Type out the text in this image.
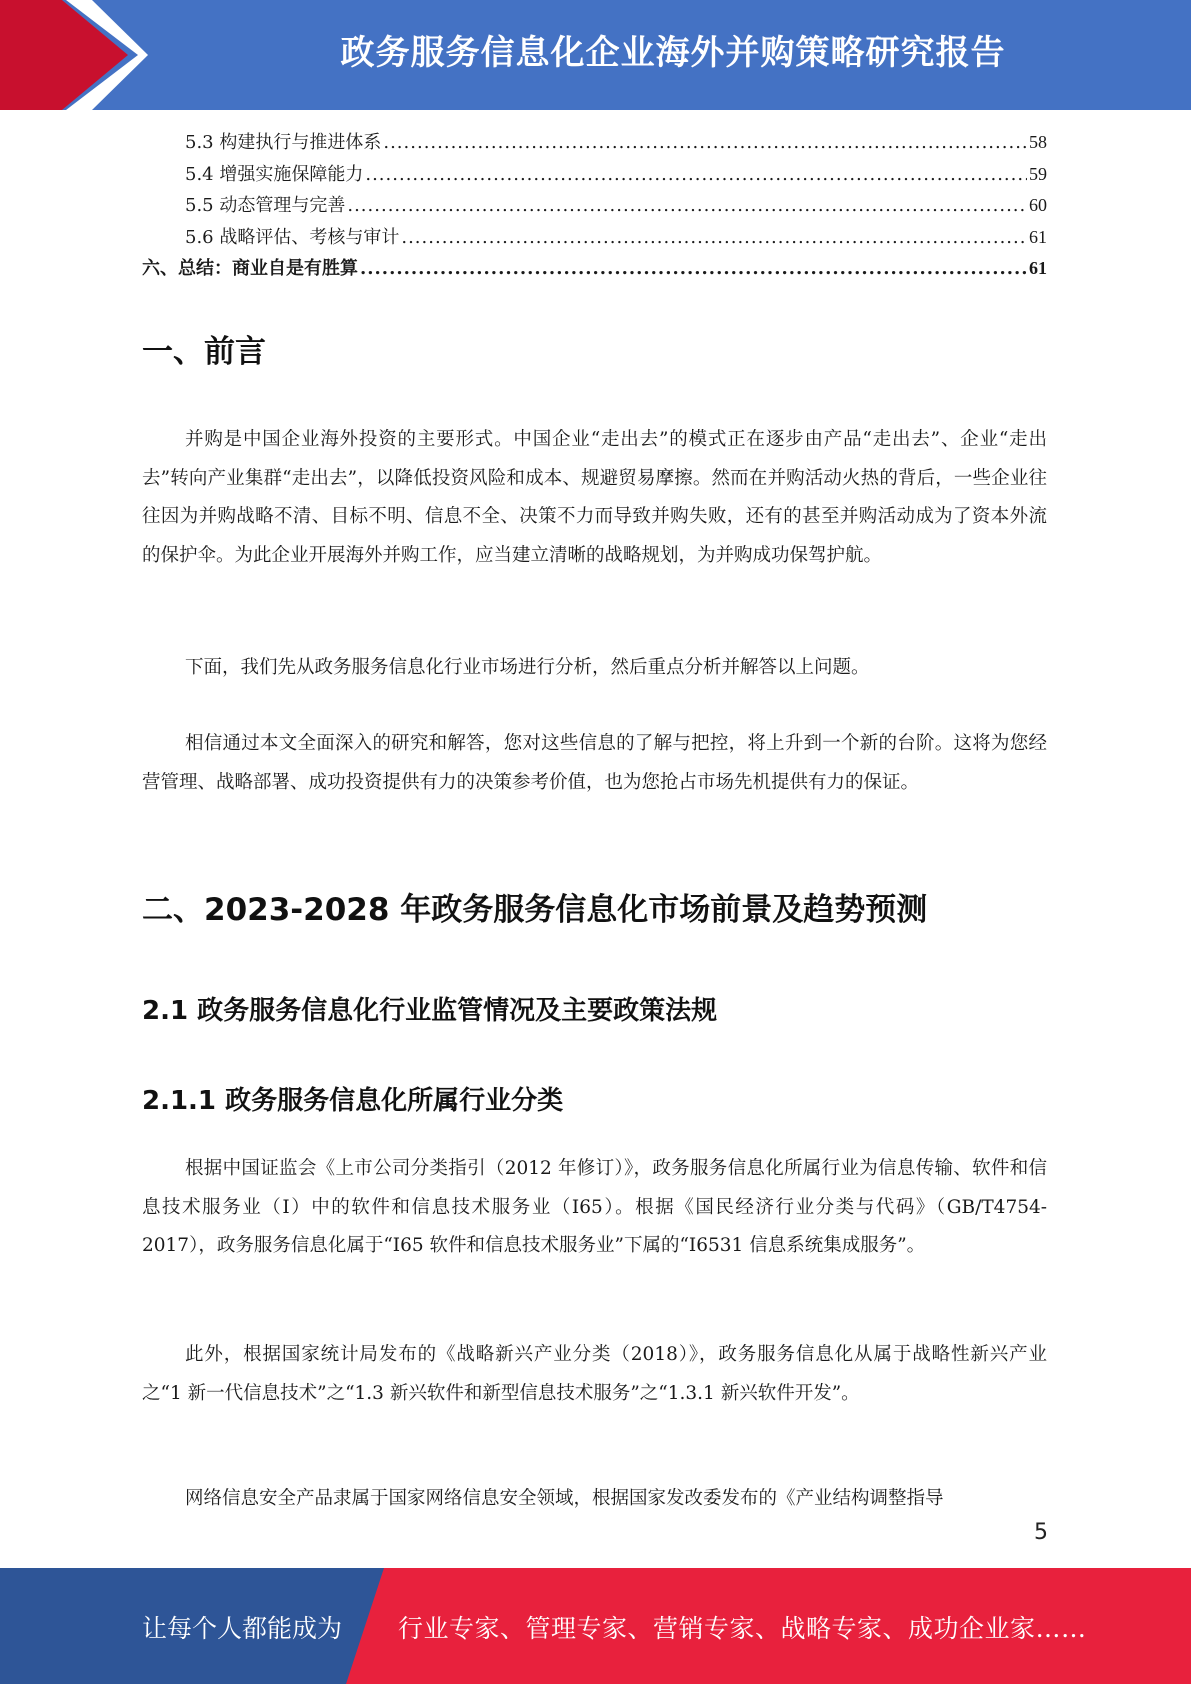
政务服务信息化企业海外并购策略研究报告
5.3 构建执行与推进体系 .....	58
5.4 增强实施保障能力 .....	59
5.5 动态管理与完善 .....	60
5.6 战略评估、考核与审计 .....	61
六、总结：商业自是有胜算 .....	61
一、前言

并购是中国企业海外投资的主要形式。中国企业“走出去”的模式正在逐步由产品“走出去”、企业“走出去”转向产业集群“走出去”，以降低投资风险和成本、规避贸易摩擦。然而在并购活动火热的背后，一些企业往往因为并购战略不清、目标不明、信息不全、决策不力而导致并购失败，还有的甚至并购活动成为了资本外流的保护伞。为此企业开展海外并购工作，应当建立清晰的战略规划，为并购成功保驾护航。

下面，我们先从政务服务信息化行业市场进行分析，然后重点分析并解答以上问题。

相信通过本文全面深入的研究和解答，您对这些信息的了解与把控，将上升到一个新的台阶。这将为您经营管理、战略部署、成功投资提供有力的决策参考价值，也为您抢占市场先机提供有力的保证。

二、2023-2028 年政务服务信息化市场前景及趋势预测
2.1 政务服务信息化行业监管情况及主要政策法规
2.1.1 政务服务信息化所属行业分类

根据中国证监会《上市公司分类指引（2012 年修订）》，政务服务信息化所属行业为信息传输、软件和信息技术服务业（I）中的软件和信息技术服务业（I65）。根据《国民经济行业分类与代码》（GB/T4754-2017），政务服务信息化属于“I65 软件和信息技术服务业”下属的“I6531 信息系统集成服务”。

此外，根据国家统计局发布的《战略新兴产业分类（2018）》，政务服务信息化从属于战略性新兴产业之“1 新一代信息技术”之“1.3 新兴软件和新型信息技术服务”之“1.3.1 新兴软件开发”。

网络信息安全产品隶属于国家网络信息安全领域，根据国家发改委发布的《产业结构调整指导

5
让每个人都能成为 行业专家、管理专家、营销专家、战略专家、成功企业家……
